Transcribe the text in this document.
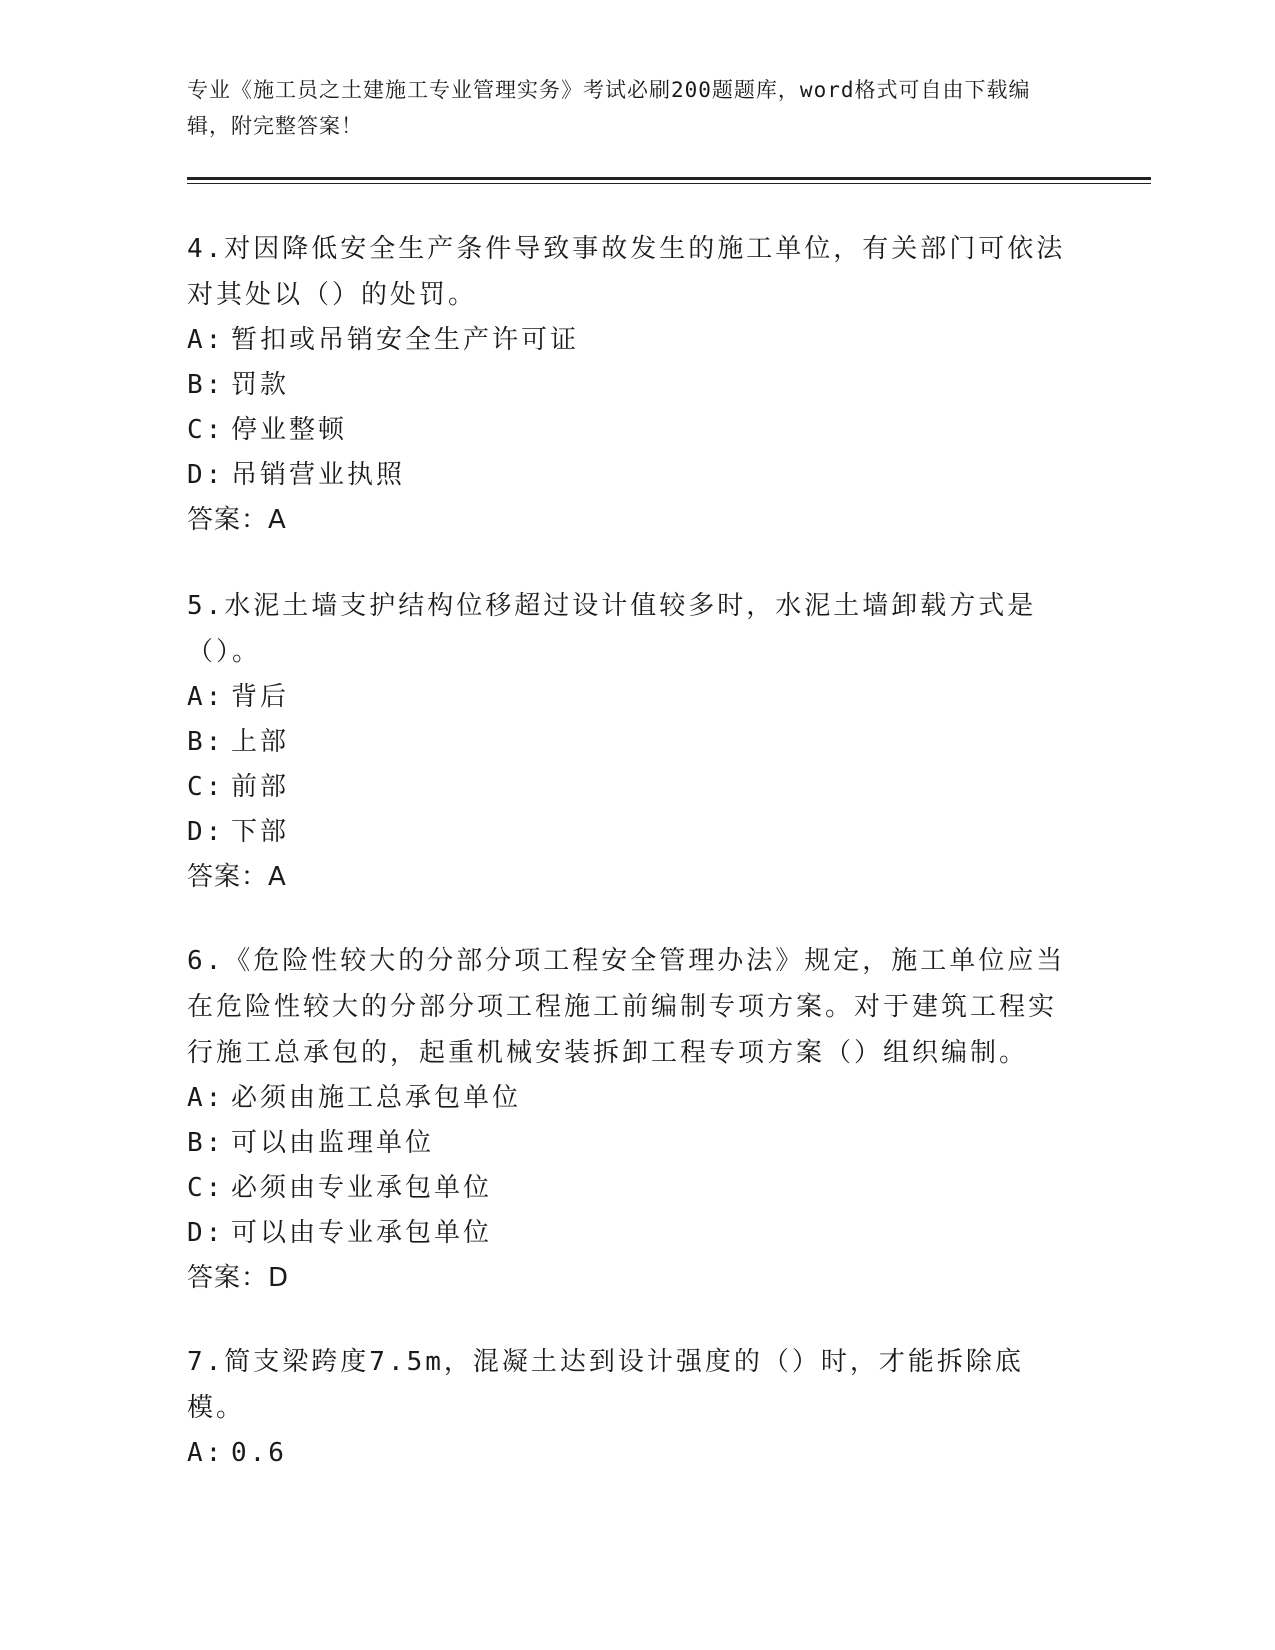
专业《施工员之土建施工专业管理实务》考试必刷200题题库，word格式可自由下载编辑，附完整答案！

4.对因降低安全生产条件导致事故发生的施工单位，有关部门可依法对其处以（）的处罚。

A: 暂扣或吊销安全生产许可证

B: 罚款

C: 停业整顿

D: 吊销营业执照

答案：A

5.水泥土墙支护结构位移超过设计值较多时，水泥土墙卸载方式是（）。

A: 背后

B: 上部

C: 前部

D: 下部

答案：A

6.《危险性较大的分部分项工程安全管理办法》规定，施工单位应当在危险性较大的分部分项工程施工前编制专项方案。对于建筑工程实行施工总承包的，起重机械安装拆卸工程专项方案（）组织编制。

A: 必须由施工总承包单位

B: 可以由监理单位

C: 必须由专业承包单位

D: 可以由专业承包单位

答案：D

7.简支梁跨度7.5m，混凝土达到设计强度的（）时，才能拆除底模。

A: 0.6
